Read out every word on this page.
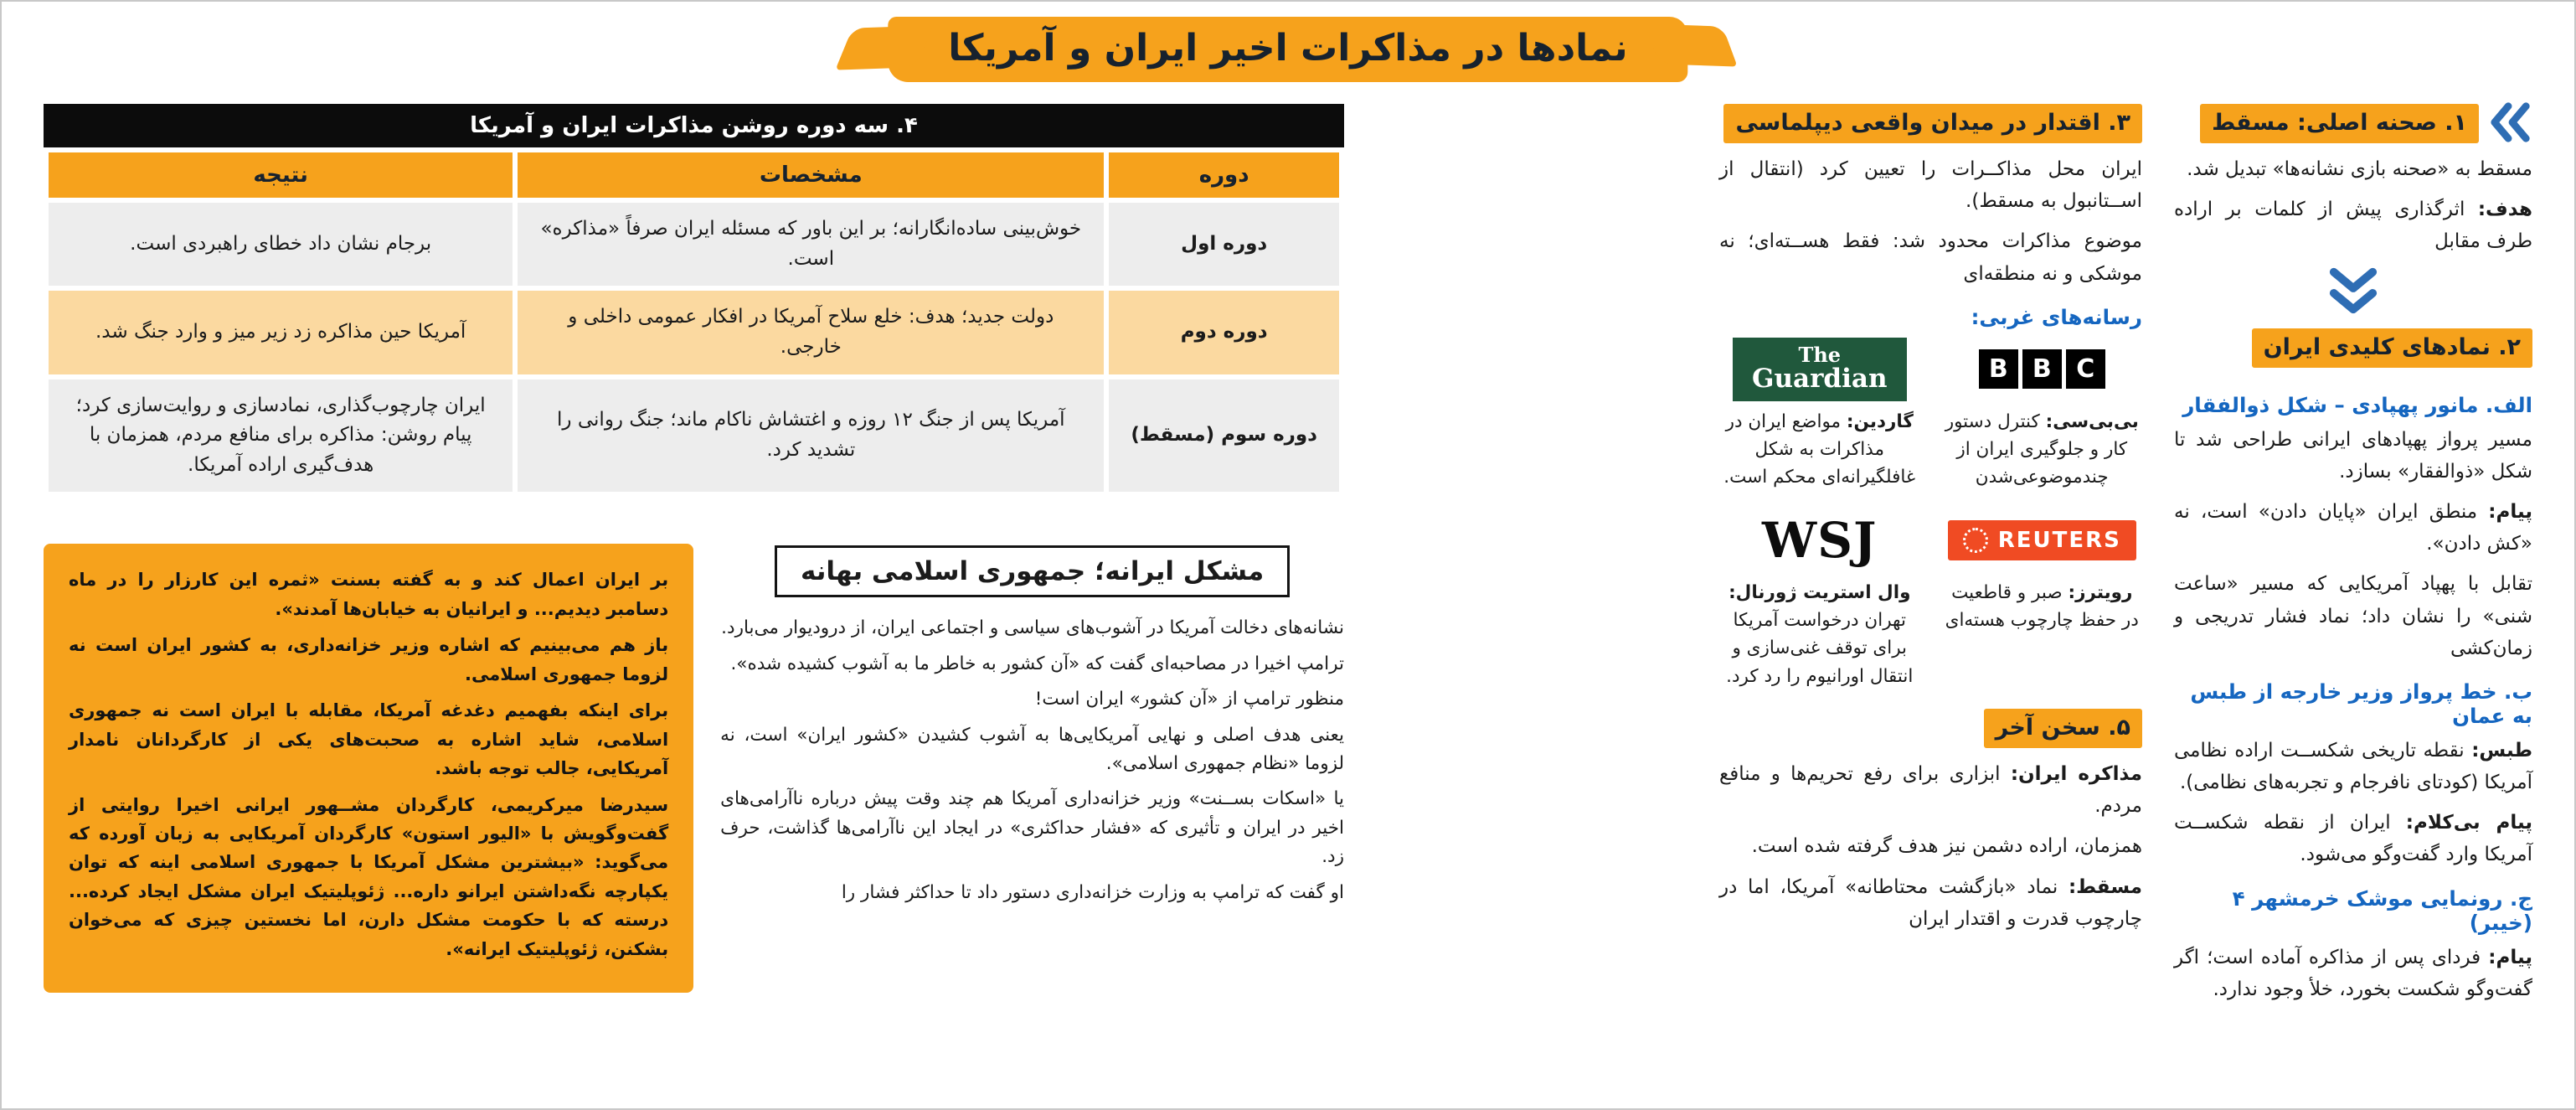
نمادها در مذاکرات اخیر ایران و آمریکا
۱. صحنه اصلی: مسقط

مسقط به «صحنه بازی نشانه‌ها» تبدیل شد.

هدف: اثرگذاری پیش از کلمات بر اراده طرف مقابل

۲. نمادهای کلیدی ایران
الف. مانور پهپادی – شکل ذوالفقار

مسیر پرواز پهپادهای ایرانی طراحی شد تا شکل «ذوالفقار» بسازد.

پیام: منطق ایران «پایان دادن» است، نه «کش دادن».

تقابل با پهپاد آمریکایی که مسیر «ساعت شنی» را نشان داد؛ نماد فشار تدریجی و زمان‌کشی

ب. خط پرواز وزیر خارجه از طبس به عمان

طبس: نقطه تاریخی شکســت اراده نظامی آمریکا (کودتای نافرجام و تجربه‌های نظامی).

پیام بی‌کلام: ایران از نقطه شکســت آمریکا وارد گفت‌وگو می‌شود.

ج. رونمایی موشک خرمشهر ۴ (خیبر)

پیام: فردای پس از مذاکره آماده است؛ اگر گفت‌وگو شکست بخورد، خلأ وجود ندارد.

۳. اقتدار در میدان واقعی دیپلماسی

ایران محل مذاکــرات را تعیین کرد (انتقال از اســتانبول به مسقط).

موضوع مذاکرات محدود شد: فقط هســته‌ای؛ نه موشکی و نه منطقه‌ای

رسانه‌های غربی:

B B C

بی‌بی‌سی: کنترل دستور کار و جلوگیری ایران از چندموضوعی‌شدن

REUTERS

رویترز: صبر و قاطعیت در حفظ چارچوب هسته‌ای

The
Guardian

گاردین: مواضع ایران در مذاکرات به شکل غافلگیرانه‌ای محکم است.

WSJ

وال استریت ژورنال: تهران درخواست آمریکا برای توقف غنی‌سازی و انتقال اورانیوم را رد کرد.

۵. سخن آخر

مذاکره ایران: ابزاری برای رفع تحریم‌ها و منافع مردم.

همزمان، اراده دشمن نیز هدف گرفته شده است.

مسقط: نماد «بازگشت محتاطانه» آمریکا، اما در چارچوب قدرت و اقتدار ایران

۴. سه دوره روشن مذاکرات ایران و آمریکا
دوره	مشخصات	نتیجه
دوره اول	خوش‌بینی ساده‌انگارانه؛ بر این باور که مسئله ایران صرفاً «مذاکره» است.	برجام نشان داد خطای راهبردی است.
دوره دوم	دولت جدید؛ هدف: خلع سلاح آمریکا در افکار عمومی داخلی و خارجی.	آمریکا حین مذاکره زد زیر میز و وارد جنگ شد.
دوره سوم (مسقط)	آمریکا پس از جنگ ۱۲ روزه و اغتشاش ناکام ماند؛ جنگ روانی را تشدید کرد.	ایران چارچوب‌گذاری، نمادسازی و روایت‌سازی کرد؛ پیام روشن: مذاکره برای منافع مردم، همزمان با هدف‌گیری اراده آمریکا.
مشکل ایرانه؛ جمهوری اسلامی بهانه

نشانه‌های دخالت آمریکا در آشوب‌های سیاسی و اجتماعی ایران، از درودیوار می‌بارد.

ترامپ اخیرا در مصاحبه‌ای گفت که «آن کشور به خاطر ما به آشوب کشیده شده».

منظور ترامپ از «آن کشور» ایران است!

یعنی هدف اصلی و نهایی آمریکایی‌ها به آشوب کشیدن «کشور ایران» است، نه لزوما «نظام جمهوری اسلامی».

یا «اسکات بســنت» وزیر خزانه‌داری آمریکا هم چند وقت پیش درباره ناآرامی‌های اخیر در ایران و تأثیری که «فشار حداکثری» در ایجاد این ناآرامی‌ها گذاشت، حرف زد.

او گفت که ترامپ به وزارت خزانه‌داری دستور داد تا حداکثر فشار را

بر ایران اعمال کند و به گفته بسنت «ثمره این کارزار را در ماه دسامبر دیدیم... و ایرانیان به خیابان‌ها آمدند».

باز هم می‌بینیم که اشاره وزیر خزانه‌داری، به کشور ایران است نه لزوما جمهوری اسلامی.

برای اینکه بفهمیم دغدغه آمریکا، مقابله با ایران است نه جمهوری اسلامی، شاید اشاره به صحبت‌های یکی از کارگردانان نامدار آمریکایی، جالب توجه باشد.

سیدرضا میرکریمی، کارگردان مشــهور ایرانی اخیرا روایتی از گفت‌وگویش با «الیور استون» کارگردان آمریکایی به زبان آورده که می‌گوید: «بیشترین مشکل آمریکا با جمهوری اسلامی اینه که توان یکپارچه نگه‌داشتن ایرانو داره... ژئوپلیتیک ایران مشکل ایجاد کرده... درسته که با حکومت مشکل دارن، اما نخستین چیزی که می‌خوان بشکنن، ژئوپلیتیک ایرانه».
